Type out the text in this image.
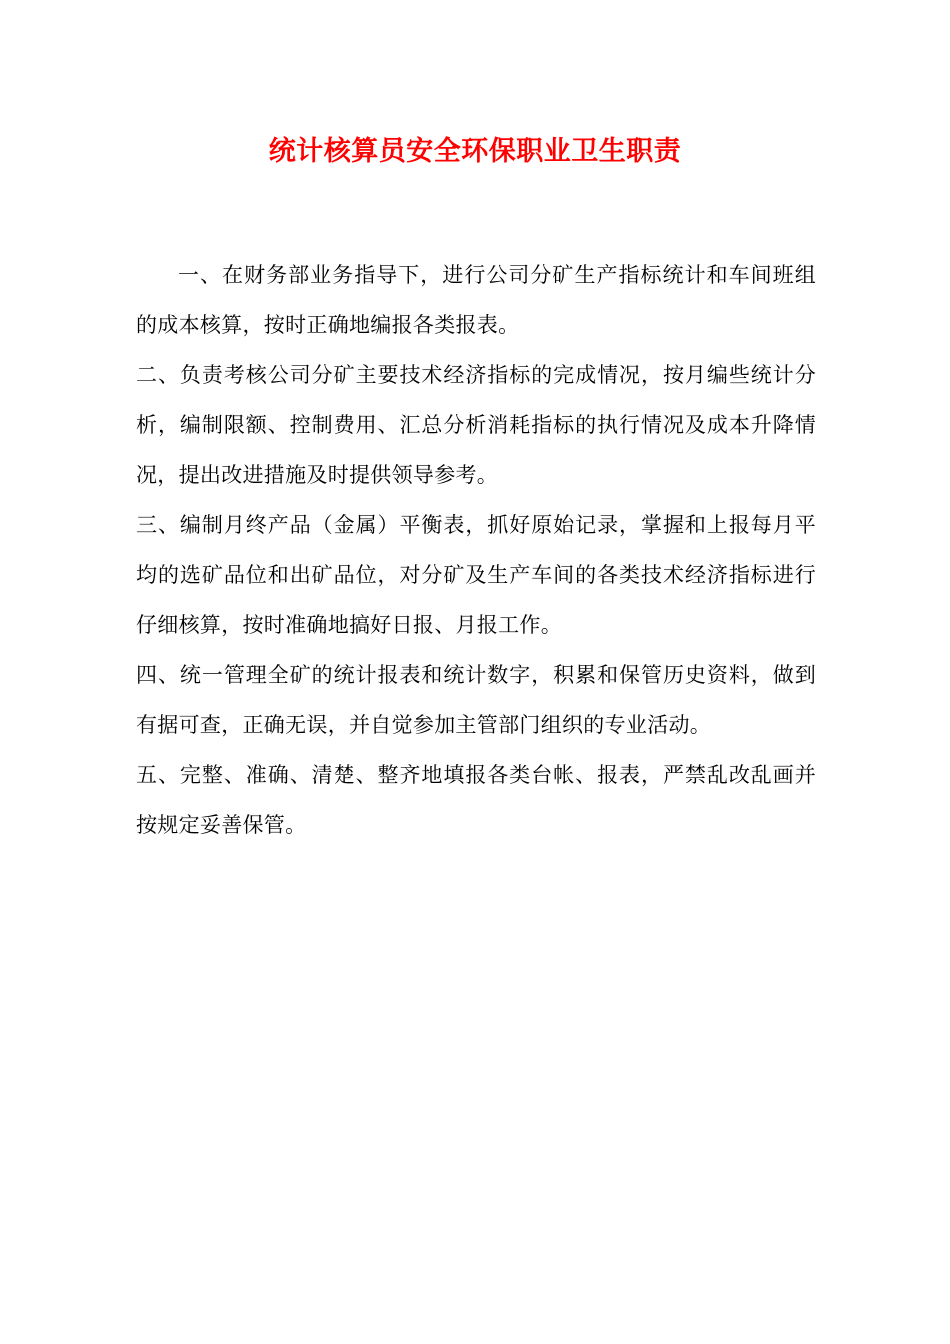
统计核算员安全环保职业卫生职责

一、在财务部业务指导下，进行公司分矿生产指标统计和车间班组的成本核算，按时正确地编报各类报表。

二、负责考核公司分矿主要技术经济指标的完成情况，按月编些统计分析，编制限额、控制费用、汇总分析消耗指标的执行情况及成本升降情况，提出改进措施及时提供领导参考。

三、编制月终产品（金属）平衡表，抓好原始记录，掌握和上报每月平均的选矿品位和出矿品位，对分矿及生产车间的各类技术经济指标进行仔细核算，按时准确地搞好日报、月报工作。

四、统一管理全矿的统计报表和统计数字，积累和保管历史资料，做到有据可查，正确无误，并自觉参加主管部门组织的专业活动。

五、完整、准确、清楚、整齐地填报各类台帐、报表，严禁乱改乱画并按规定妥善保管。
